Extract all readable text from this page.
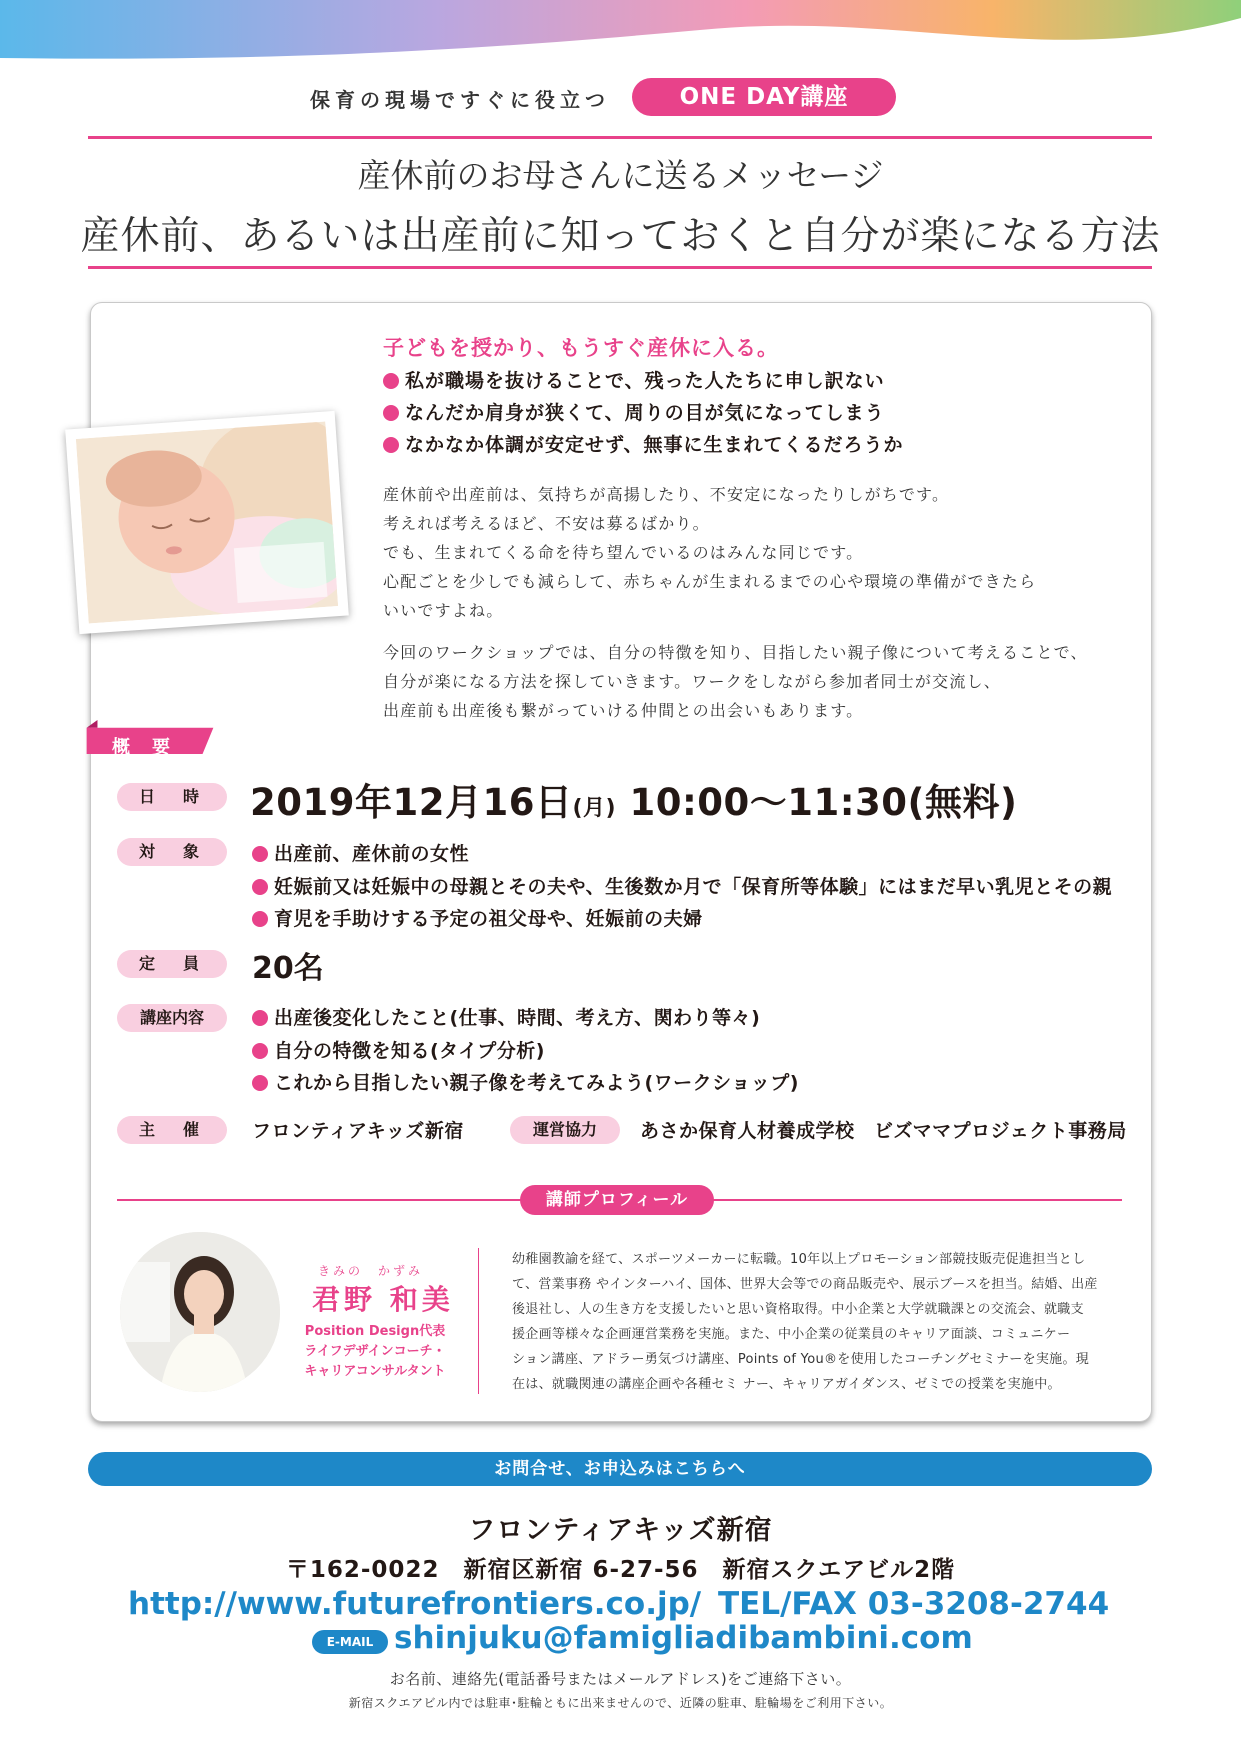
保育の現場ですぐに役立つ	ONE DAY講座
産休前のお母さんに送るメッセージ
産休前、あるいは出産前に知っておくと自分が楽になる方法
子どもを授かり、もうすぐ産休に入る。
私が職場を抜けることで、残った人たちに申し訳ない
なんだか肩身が狭くて、周りの目が気になってしまう
なかなか体調が安定せず、無事に生まれてくるだろうか
産休前や出産前は、気持ちが高揚したり、不安定になったりしがちです。
考えれば考えるほど、不安は募るばかり。
でも、生まれてくる命を待ち望んでいるのはみんな同じです。
心配ごとを少しでも減らして、赤ちゃんが生まれるまでの心や環境の準備ができたら
いいですよね。
今回のワークショップでは、自分の特徴を知り、目指したい親子像について考えることで、
自分が楽になる方法を探していきます。ワークをしながら参加者同士が交流し、
出産前も出産後も繋がっていける仲間との出会いもあります。
概　要
日　時	2019年12月16日(月) 10:00〜11:30(無料)
対　象	出産前、産休前の女性
妊娠前又は妊娠中の母親とその夫や、生後数か月で「保育所等体験」にはまだ早い乳児とその親
育児を手助けする予定の祖父母や、妊娠前の夫婦
定　員	20名
講座内容	出産後変化したこと(仕事、時間、考え方、関わり等々)
自分の特徴を知る(タイプ分析)
これから目指したい親子像を考えてみよう(ワークショップ)
主　催	フロンティアキッズ新宿	運営協力	あさか保育人材養成学校　ビズママプロジェクト事務局
講師プロフィール
きみの　かずみ
君野 和美
Position Design代表
ライフデザインコーチ・
キャリアコンサルタント
幼稚園教諭を経て、スポーツメーカーに転職。10年以上プロモーション部競技販売促進担当とし
て、営業事務 やインターハイ、国体、世界大会等での商品販売や、展示ブースを担当。結婚、出産
後退社し、人の生き方を支援したいと思い資格取得。中小企業と大学就職課との交流会、就職支
援企画等様々な企画運営業務を実施。また、中小企業の従業員のキャリア面談、コミュニケー
ション講座、アドラー勇気づけ講座、Points of You®を使用したコーチングセミナーを実施。現
在は、就職関連の講座企画や各種セミ ナー、キャリアガイダンス、ゼミでの授業を実施中。
お問合せ、お申込みはこちらへ
フロンティアキッズ新宿
〒162-0022　新宿区新宿 6-27-56　新宿スクエアビル2階
http://www.futurefrontiers.co.jp/ TEL/FAX 03-3208-2744
E-MAIL shinjuku@famigliadibambini.com
お名前、連絡先(電話番号またはメールアドレス)をご連絡下さい。
新宿スクエアビル内では駐車･駐輪ともに出来ませんので、近隣の駐車、駐輪場をご利用下さい。
